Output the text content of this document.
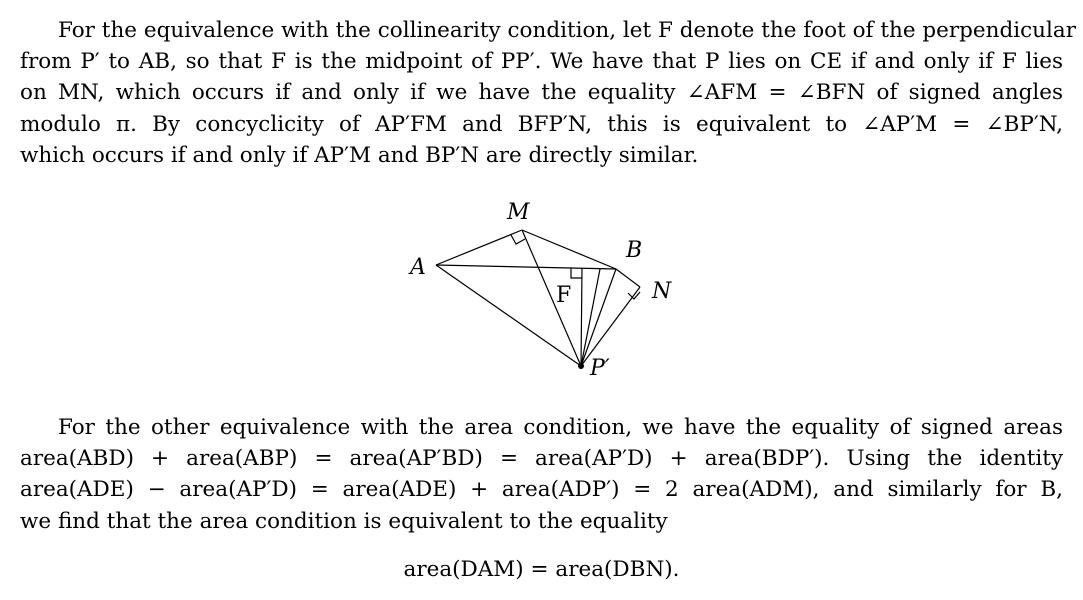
For the equivalence with the collinearity condition, let F denote the foot of the perpendicular
from P′ to AB, so that F is the midpoint of PP′. We have that P lies on CE if and only if F lies
on MN, which occurs if and only if we have the equality ∠AFM = ∠BFN of signed angles
modulo π. By concyclicity of AP′FM and BFP′N, this is equivalent to ∠AP′M = ∠BP′N,
which occurs if and only if AP′M and BP′N are directly similar.
M
A
B
N
F
P′
For the other equivalence with the area condition, we have the equality of signed areas
area(ABD) + area(ABP) = area(AP′BD) = area(AP′D) + area(BDP′). Using the identity
area(ADE) − area(AP′D) = area(ADE) + area(ADP′) = 2 area(ADM), and similarly for B,
we find that the area condition is equivalent to the equality
area(DAM) = area(DBN).
